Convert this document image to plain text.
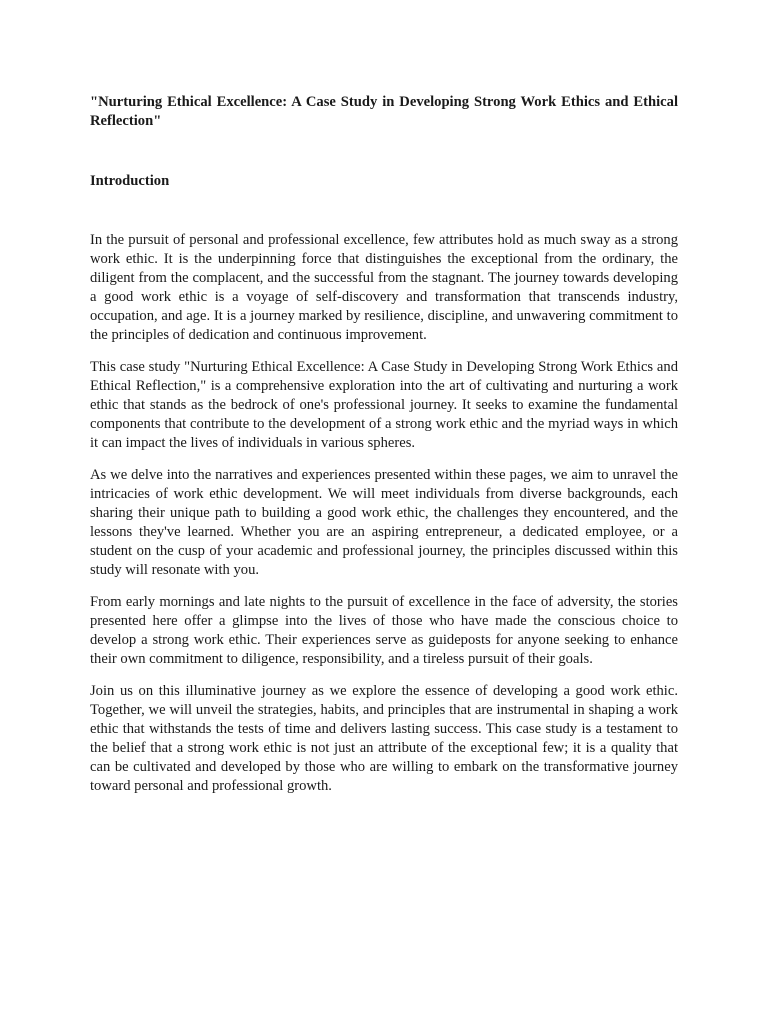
"Nurturing Ethical Excellence: A Case Study in Developing Strong Work Ethics and Ethical Reflection"
Introduction

In the pursuit of personal and professional excellence, few attributes hold as much sway as a strong work ethic. It is the underpinning force that distinguishes the exceptional from the ordinary, the diligent from the complacent, and the successful from the stagnant. The journey towards developing a good work ethic is a voyage of self-discovery and transformation that transcends industry, occupation, and age. It is a journey marked by resilience, discipline, and unwavering commitment to the principles of dedication and continuous improvement.

This case study "Nurturing Ethical Excellence: A Case Study in Developing Strong Work Ethics and Ethical Reflection," is a comprehensive exploration into the art of cultivating and nurturing a work ethic that stands as the bedrock of one's professional journey. It seeks to examine the fundamental components that contribute to the development of a strong work ethic and the myriad ways in which it can impact the lives of individuals in various spheres.

As we delve into the narratives and experiences presented within these pages, we aim to unravel the intricacies of work ethic development. We will meet individuals from diverse backgrounds, each sharing their unique path to building a good work ethic, the challenges they encountered, and the lessons they've learned. Whether you are an aspiring entrepreneur, a dedicated employee, or a student on the cusp of your academic and professional journey, the principles discussed within this study will resonate with you.

From early mornings and late nights to the pursuit of excellence in the face of adversity, the stories presented here offer a glimpse into the lives of those who have made the conscious choice to develop a strong work ethic. Their experiences serve as guideposts for anyone seeking to enhance their own commitment to diligence, responsibility, and a tireless pursuit of their goals.

Join us on this illuminative journey as we explore the essence of developing a good work ethic. Together, we will unveil the strategies, habits, and principles that are instrumental in shaping a work ethic that withstands the tests of time and delivers lasting success. This case study is a testament to the belief that a strong work ethic is not just an attribute of the exceptional few; it is a quality that can be cultivated and developed by those who are willing to embark on the transformative journey toward personal and professional growth.
